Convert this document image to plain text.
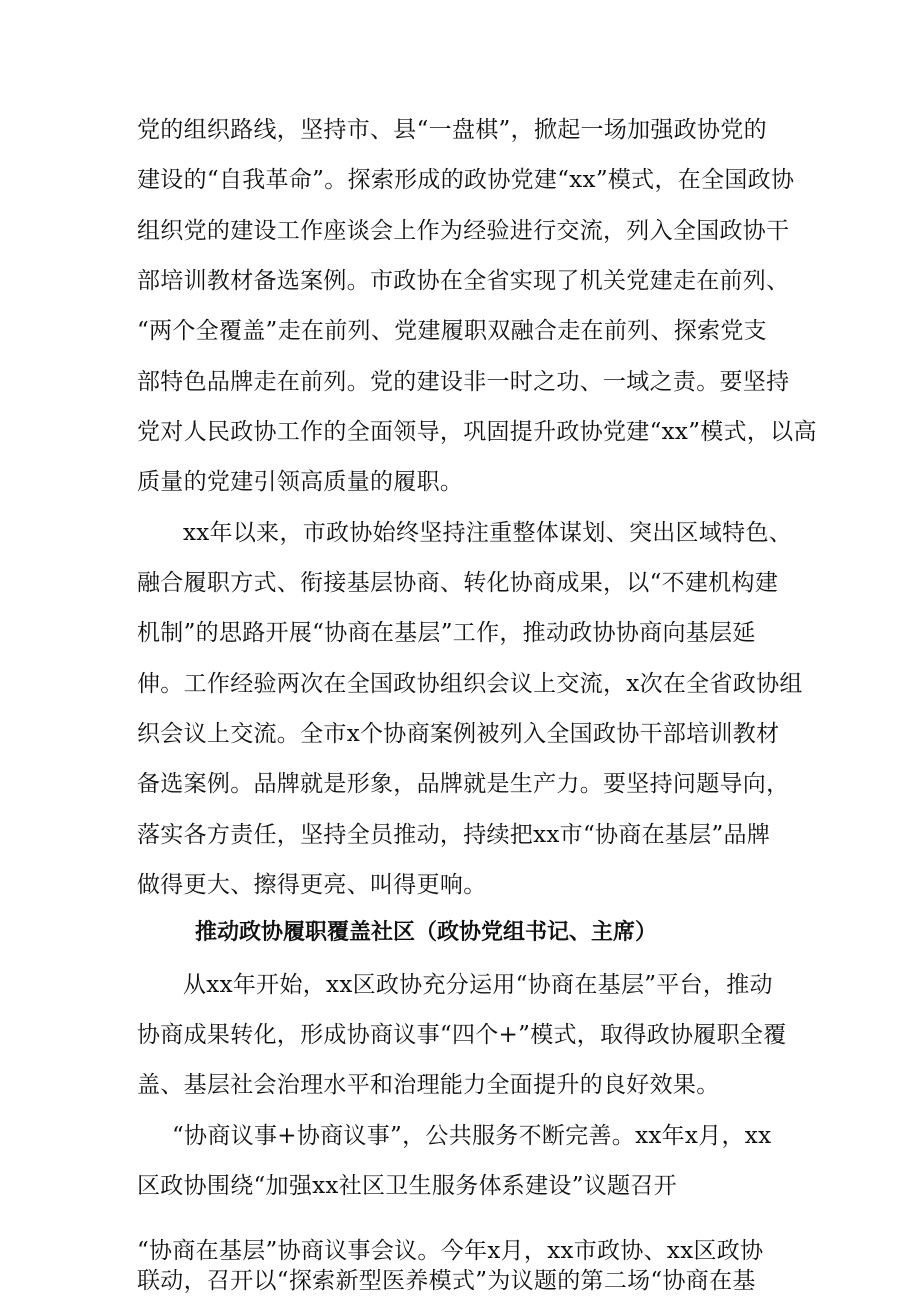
党的组织路线，坚持市、县“一盘棋”，掀起一场加强政协党的
建设的“自我革命”。探索形成的政协党建“xx”模式，在全国政协
组织党的建设工作座谈会上作为经验进行交流，列入全国政协干
部培训教材备选案例。市政协在全省实现了机关党建走在前列、
“两个全覆盖”走在前列、党建履职双融合走在前列、探索党支
部特色品牌走在前列。党的建设非一时之功、一域之责。要坚持
党对人民政协工作的全面领导，巩固提升政协党建“xx”模式，以高
质量的党建引领高质量的履职。
xx年以来，市政协始终坚持注重整体谋划、突出区域特色、
融合履职方式、衔接基层协商、转化协商成果，以“不建机构建
机制”的思路开展“协商在基层”工作，推动政协协商向基层延
伸。工作经验两次在全国政协组织会议上交流，x次在全省政协组
织会议上交流。全市x个协商案例被列入全国政协干部培训教材
备选案例。品牌就是形象，品牌就是生产力。要坚持问题导向，
落实各方责任，坚持全员推动，持续把xx市“协商在基层”品牌
做得更大、擦得更亮、叫得更响。
推动政协履职覆盖社区（政协党组书记、主席）
从xx年开始，xx区政协充分运用“协商在基层”平台，推动
协商成果转化，形成协商议事“四个+”模式，取得政协履职全覆
盖、基层社会治理水平和治理能力全面提升的良好效果。
“协商议事+协商议事”，公共服务不断完善。xx年x月，xx
区政协围绕“加强xx社区卫生服务体系建设”议题召开
“协商在基层”协商议事会议。今年x月，xx市政协、xx区政协
联动，召开以“探索新型医养模式”为议题的第二场“协商在基
